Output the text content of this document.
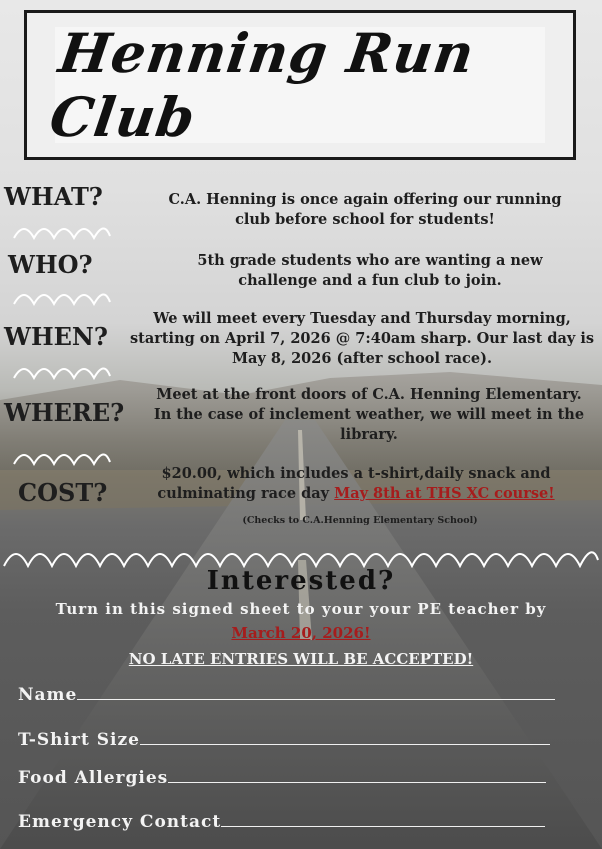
Henning Run Club
WHAT?	C.A. Henning is once again offering our running club before school for students!
WHO?	5th grade students who are wanting a new challenge and a fun club to join.
WHEN?
We will meet every Tuesday and Thursday morning, starting on April 7, 2026 @ 7:40am sharp. Our last day is May 8, 2026 (after school race).
WHERE?
Meet at the front doors of C.A. Henning Elementary. In the case of inclement weather, we will meet in the library.
COST?
$20.00, which includes a t-shirt,daily snack and culminating race day May 8th at THS XC course!
(Checks to C.A.Henning Elementary School)
Interested?
Turn in this signed sheet to your your PE teacher by
March 20, 2026!
NO LATE ENTRIES WILL BE ACCEPTED!
Name
T-Shirt Size
Food Allergies
Emergency Contact
